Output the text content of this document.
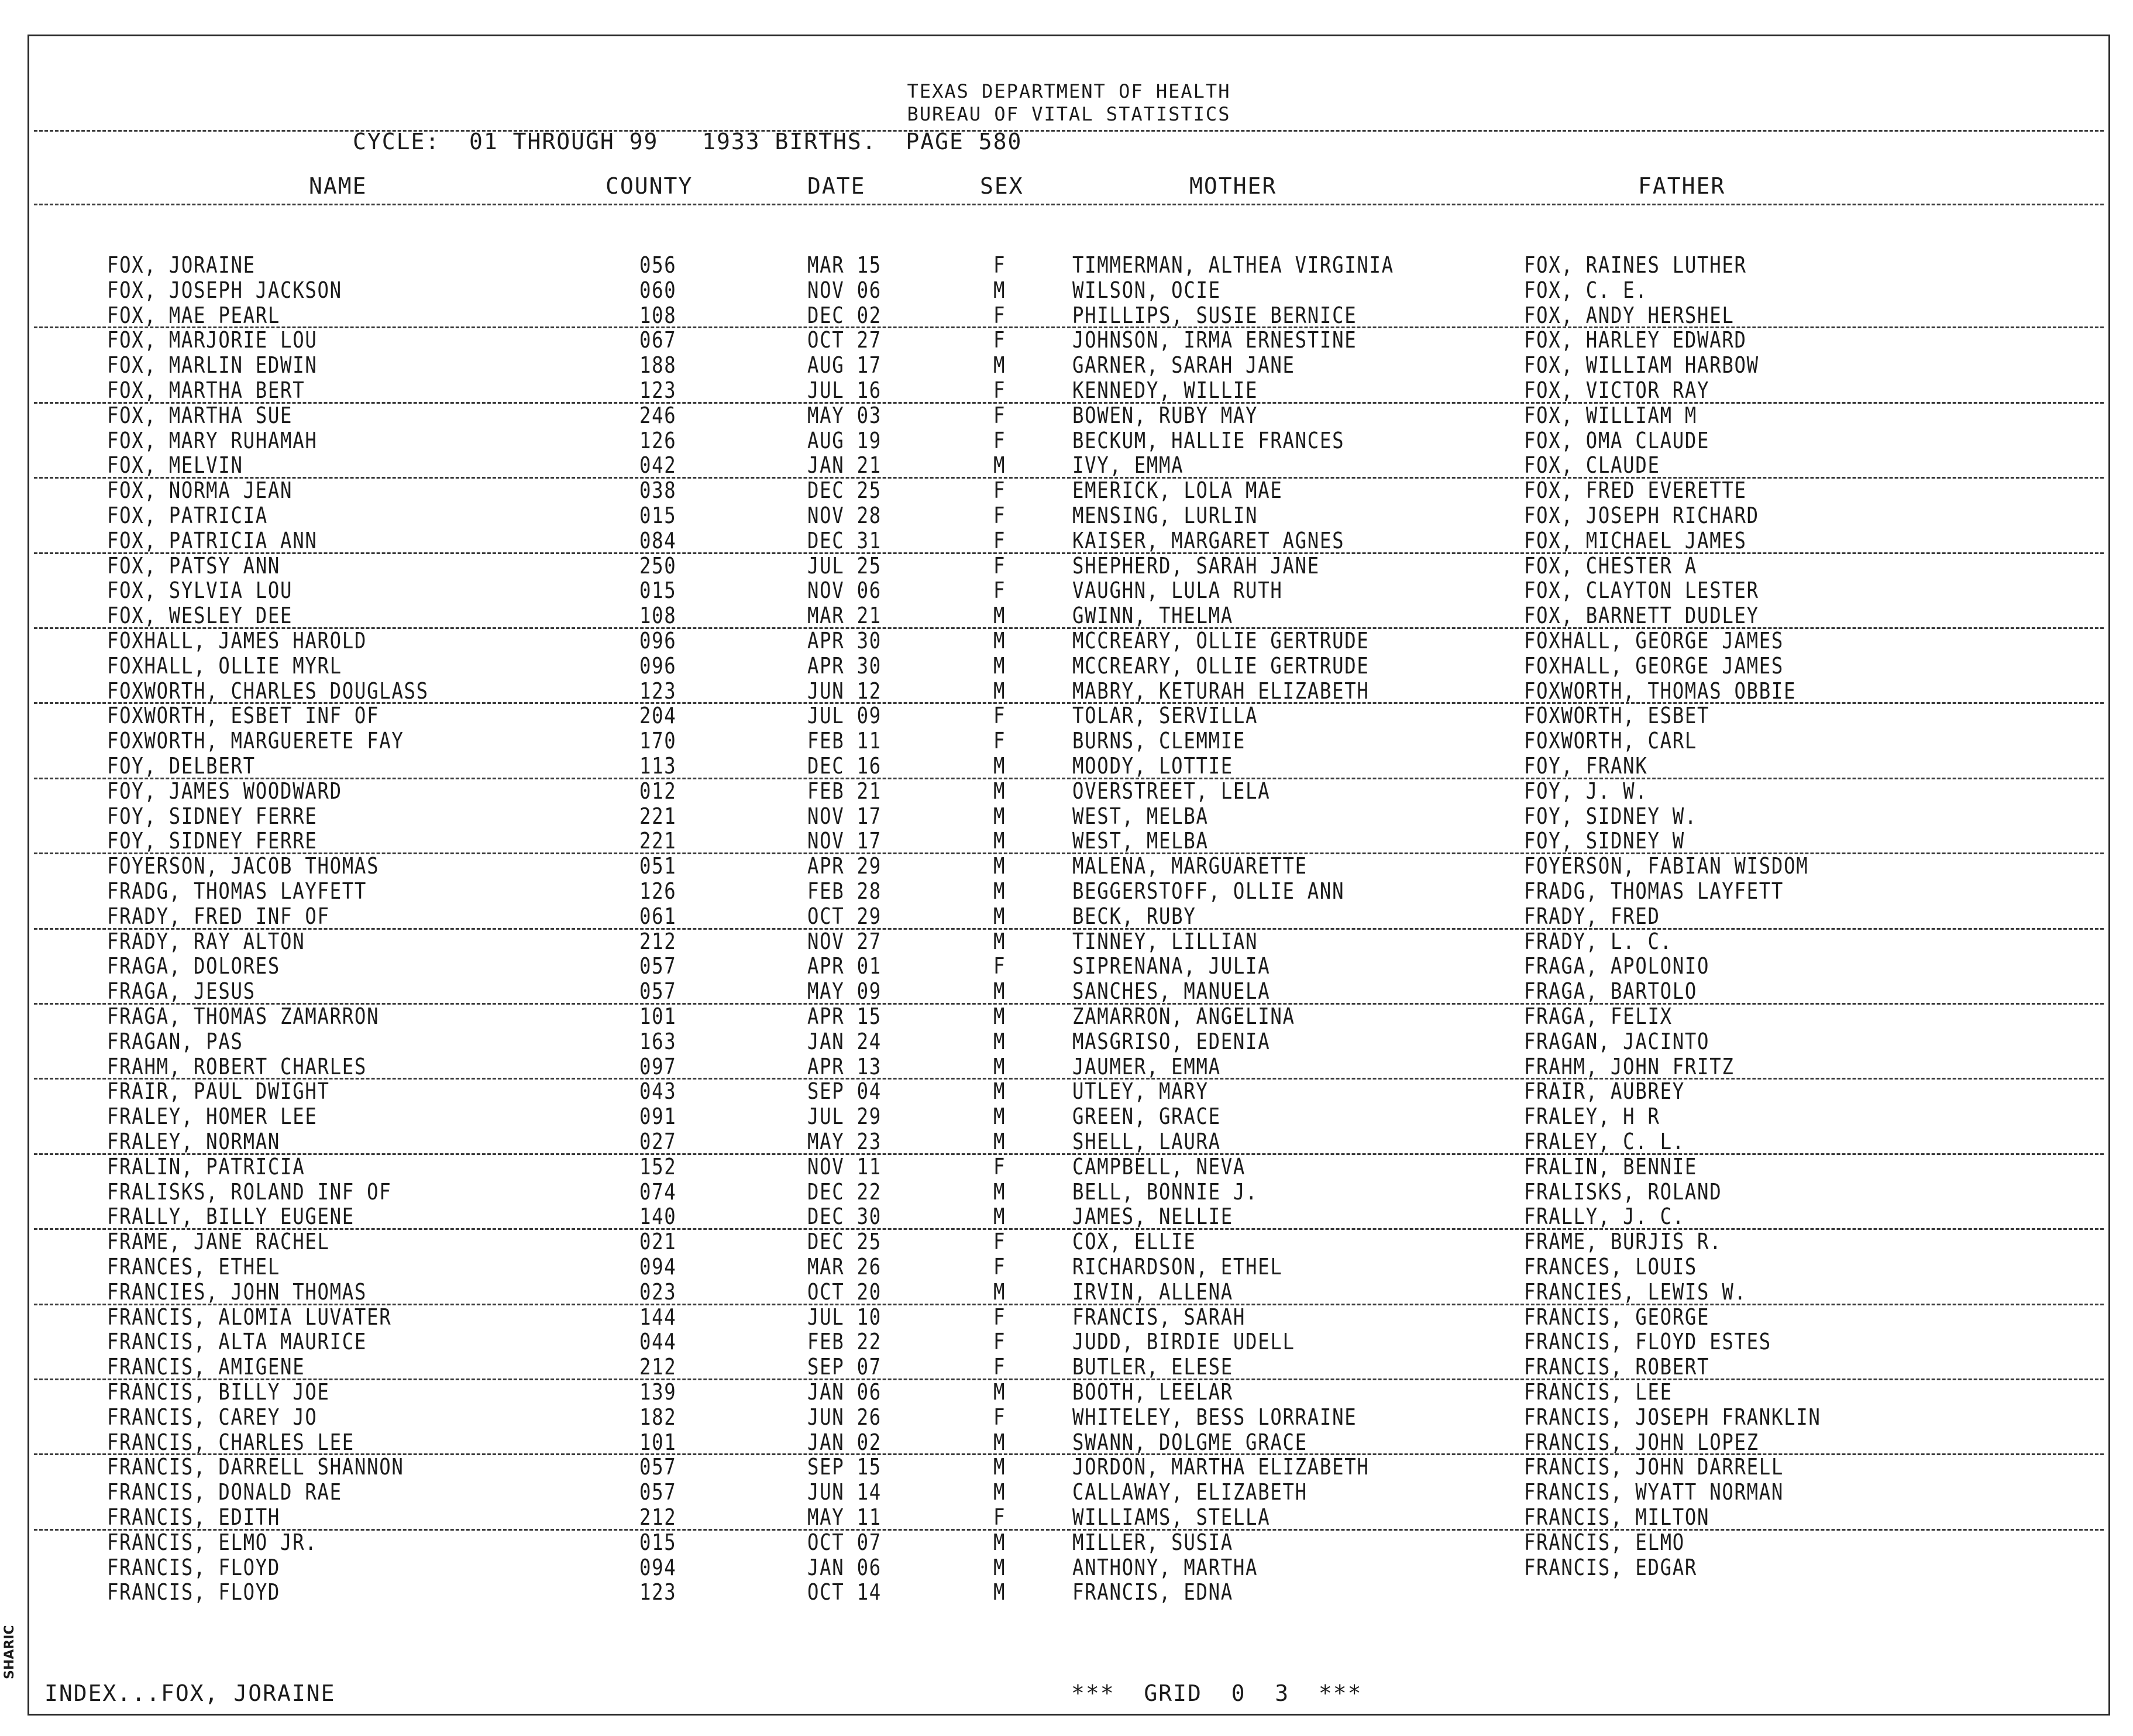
TEXAS DEPARTMENT OF HEALTH
BUREAU OF VITAL STATISTICS
CYCLE:  01 THROUGH 99   1933 BIRTHS.  PAGE 580
NAME	COUNTY	DATE	SEX	MOTHER	FATHER
FOX, JORAINE	056	MAR 15	F	TIMMERMAN, ALTHEA VIRGINIA	FOX, RAINES LUTHER
FOX, JOSEPH JACKSON	060	NOV 06	M	WILSON, OCIE	FOX, C. E.
FOX, MAE PEARL	108	DEC 02	F	PHILLIPS, SUSIE BERNICE	FOX, ANDY HERSHEL
FOX, MARJORIE LOU	067	OCT 27	F	JOHNSON, IRMA ERNESTINE	FOX, HARLEY EDWARD
FOX, MARLIN EDWIN	188	AUG 17	M	GARNER, SARAH JANE	FOX, WILLIAM HARBOW
FOX, MARTHA BERT	123	JUL 16	F	KENNEDY, WILLIE	FOX, VICTOR RAY
FOX, MARTHA SUE	246	MAY 03	F	BOWEN, RUBY MAY	FOX, WILLIAM M
FOX, MARY RUHAMAH	126	AUG 19	F	BECKUM, HALLIE FRANCES	FOX, OMA CLAUDE
FOX, MELVIN	042	JAN 21	M	IVY, EMMA	FOX, CLAUDE
FOX, NORMA JEAN	038	DEC 25	F	EMERICK, LOLA MAE	FOX, FRED EVERETTE
FOX, PATRICIA	015	NOV 28	F	MENSING, LURLIN	FOX, JOSEPH RICHARD
FOX, PATRICIA ANN	084	DEC 31	F	KAISER, MARGARET AGNES	FOX, MICHAEL JAMES
FOX, PATSY ANN	250	JUL 25	F	SHEPHERD, SARAH JANE	FOX, CHESTER A
FOX, SYLVIA LOU	015	NOV 06	F	VAUGHN, LULA RUTH	FOX, CLAYTON LESTER
FOX, WESLEY DEE	108	MAR 21	M	GWINN, THELMA	FOX, BARNETT DUDLEY
FOXHALL, JAMES HAROLD	096	APR 30	M	MCCREARY, OLLIE GERTRUDE	FOXHALL, GEORGE JAMES
FOXHALL, OLLIE MYRL	096	APR 30	M	MCCREARY, OLLIE GERTRUDE	FOXHALL, GEORGE JAMES
FOXWORTH, CHARLES DOUGLASS	123	JUN 12	M	MABRY, KETURAH ELIZABETH	FOXWORTH, THOMAS OBBIE
FOXWORTH, ESBET INF OF	204	JUL 09	F	TOLAR, SERVILLA	FOXWORTH, ESBET
FOXWORTH, MARGUERETE FAY	170	FEB 11	F	BURNS, CLEMMIE	FOXWORTH, CARL
FOY, DELBERT	113	DEC 16	M	MOODY, LOTTIE	FOY, FRANK
FOY, JAMES WOODWARD	012	FEB 21	M	OVERSTREET, LELA	FOY, J. W.
FOY, SIDNEY FERRE	221	NOV 17	M	WEST, MELBA	FOY, SIDNEY W.
FOY, SIDNEY FERRE	221	NOV 17	M	WEST, MELBA	FOY, SIDNEY W
FOYERSON, JACOB THOMAS	051	APR 29	M	MALENA, MARGUARETTE	FOYERSON, FABIAN WISDOM
FRADG, THOMAS LAYFETT	126	FEB 28	M	BEGGERSTOFF, OLLIE ANN	FRADG, THOMAS LAYFETT
FRADY, FRED INF OF	061	OCT 29	M	BECK, RUBY	FRADY, FRED
FRADY, RAY ALTON	212	NOV 27	M	TINNEY, LILLIAN	FRADY, L. C.
FRAGA, DOLORES	057	APR 01	F	SIPRENANA, JULIA	FRAGA, APOLONIO
FRAGA, JESUS	057	MAY 09	M	SANCHES, MANUELA	FRAGA, BARTOLO
FRAGA, THOMAS ZAMARRON	101	APR 15	M	ZAMARRON, ANGELINA	FRAGA, FELIX
FRAGAN, PAS	163	JAN 24	M	MASGRISO, EDENIA	FRAGAN, JACINTO
FRAHM, ROBERT CHARLES	097	APR 13	M	JAUMER, EMMA	FRAHM, JOHN FRITZ
FRAIR, PAUL DWIGHT	043	SEP 04	M	UTLEY, MARY	FRAIR, AUBREY
FRALEY, HOMER LEE	091	JUL 29	M	GREEN, GRACE	FRALEY, H R
FRALEY, NORMAN	027	MAY 23	M	SHELL, LAURA	FRALEY, C. L.
FRALIN, PATRICIA	152	NOV 11	F	CAMPBELL, NEVA	FRALIN, BENNIE
FRALISKS, ROLAND INF OF	074	DEC 22	M	BELL, BONNIE J.	FRALISKS, ROLAND
FRALLY, BILLY EUGENE	140	DEC 30	M	JAMES, NELLIE	FRALLY, J. C.
FRAME, JANE RACHEL	021	DEC 25	F	COX, ELLIE	FRAME, BURJIS R.
FRANCES, ETHEL	094	MAR 26	F	RICHARDSON, ETHEL	FRANCES, LOUIS
FRANCIES, JOHN THOMAS	023	OCT 20	M	IRVIN, ALLENA	FRANCIES, LEWIS W.
FRANCIS, ALOMIA LUVATER	144	JUL 10	F	FRANCIS, SARAH	FRANCIS, GEORGE
FRANCIS, ALTA MAURICE	044	FEB 22	F	JUDD, BIRDIE UDELL	FRANCIS, FLOYD ESTES
FRANCIS, AMIGENE	212	SEP 07	F	BUTLER, ELESE	FRANCIS, ROBERT
FRANCIS, BILLY JOE	139	JAN 06	M	BOOTH, LEELAR	FRANCIS, LEE
FRANCIS, CAREY JO	182	JUN 26	F	WHITELEY, BESS LORRAINE	FRANCIS, JOSEPH FRANKLIN
FRANCIS, CHARLES LEE	101	JAN 02	M	SWANN, DOLGME GRACE	FRANCIS, JOHN LOPEZ
FRANCIS, DARRELL SHANNON	057	SEP 15	M	JORDON, MARTHA ELIZABETH	FRANCIS, JOHN DARRELL
FRANCIS, DONALD RAE	057	JUN 14	M	CALLAWAY, ELIZABETH	FRANCIS, WYATT NORMAN
FRANCIS, EDITH	212	MAY 11	F	WILLIAMS, STELLA	FRANCIS, MILTON
FRANCIS, ELMO JR.	015	OCT 07	M	MILLER, SUSIA	FRANCIS, ELMO
FRANCIS, FLOYD	094	JAN 06	M	ANTHONY, MARTHA	FRANCIS, EDGAR
FRANCIS, FLOYD	123	OCT 14	M	FRANCIS, EDNA
INDEX...FOX, JORAINE	***  GRID  0  3  ***
SHARIC
